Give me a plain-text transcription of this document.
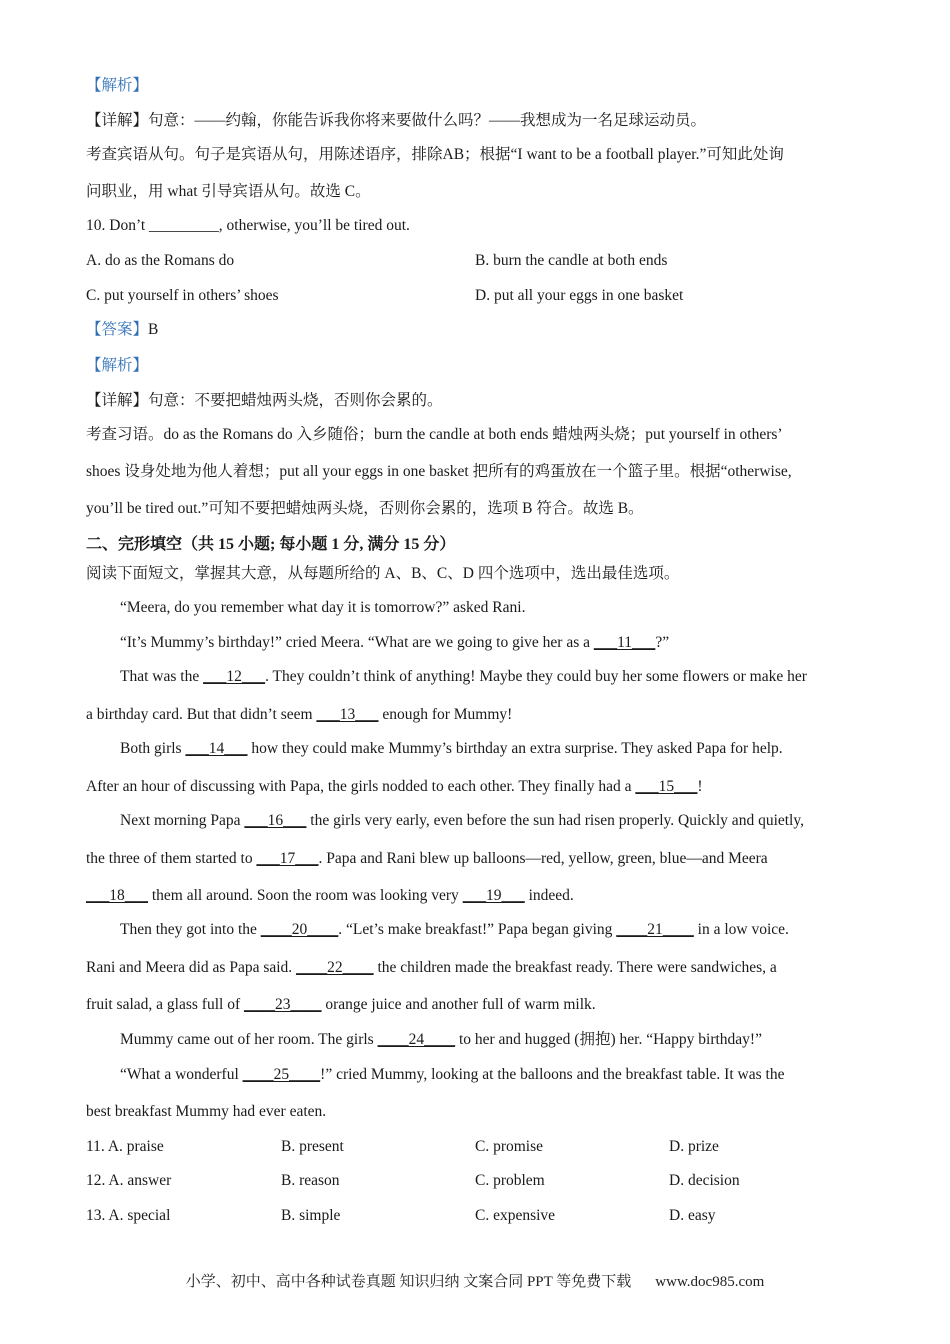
【解析】
【详解】句意：——约翰，你能告诉我你将来要做什么吗？——我想成为一名足球运动员。
考查宾语从句。句子是宾语从句，用陈述语序，排除AB；根据“I want to be a football player.”可知此处询
问职业，用 what 引导宾语从句。故选 C。
10. Don’t _________, otherwise, you’ll be tired out.
A. do as the Romans do	B. burn the candle at both ends
C. put yourself in others’ shoes	D. put all your eggs in one basket
【答案】B
【解析】
【详解】句意：不要把蜡烛两头烧，否则你会累的。
考查习语。do as the Romans do 入乡随俗；burn the candle at both ends 蜡烛两头烧；put yourself in others’
shoes 设身处地为他人着想；put all your eggs in one basket 把所有的鸡蛋放在一个篮子里。根据“otherwise,
you’ll be tired out.”可知不要把蜡烛两头烧，否则你会累的，选项 B 符合。故选 B。
二、完形填空（共 15 小题; 每小题 1 分, 满分 15 分）
阅读下面短文，掌握其大意，从每题所给的 A、B、C、D 四个选项中，选出最佳选项。
“Meera, do you remember what day it is tomorrow?” asked Rani.
“It’s Mummy’s birthday!” cried Meera. “What are we going to give her as a ___11___?”
That was the ___12___. They couldn’t think of anything! Maybe they could buy her some flowers or make her
a birthday card. But that didn’t seem ___13___ enough for Mummy!
Both girls ___14___ how they could make Mummy’s birthday an extra surprise. They asked Papa for help.
After an hour of discussing with Papa, the girls nodded to each other. They finally had a ___15___!
Next morning Papa ___16___ the girls very early, even before the sun had risen properly. Quickly and quietly,
the three of them started to ___17___. Papa and Rani blew up balloons—red, yellow, green, blue—and Meera
___18___ them all around. Soon the room was looking very ___19___ indeed.
Then they got into the ____20____. “Let’s make breakfast!” Papa began giving ____21____ in a low voice.
Rani and Meera did as Papa said. ____22____ the children made the breakfast ready. There were sandwiches, a
fruit salad, a glass full of ____23____ orange juice and another full of warm milk.
Mummy came out of her room. The girls ____24____ to her and hugged (拥抱) her. “Happy birthday!”
“What a wonderful ____25____!” cried Mummy, looking at the balloons and the breakfast table. It was the
best breakfast Mummy had ever eaten.
11. A. praise	B. present	C. promise	D. prize
12. A. answer	B. reason	C. problem	D. decision
13. A. special	B. simple	C. expensive	D. easy
小学、初中、高中各种试卷真题 知识归纳 文案合同 PPT 等免费下载 www.doc985.com
